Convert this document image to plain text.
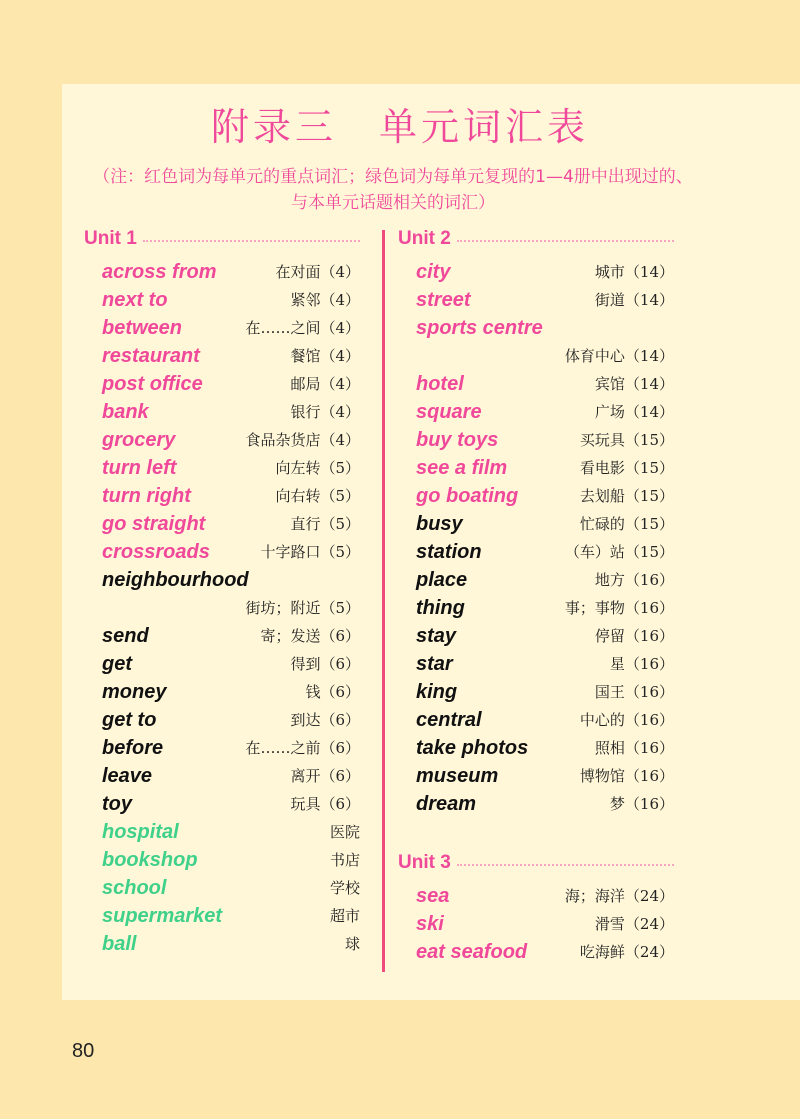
附录三　单元词汇表
（注：红色词为每单元的重点词汇；绿色词为每单元复现的1—4册中出现过的、与本单元话题相关的词汇）
Unit 1
across from	在对面（4）
next to	紧邻（4）
between	在……之间（4）
restaurant	餐馆（4）
post office	邮局（4）
bank	银行（4）
grocery	食品杂货店（4）
turn left	向左转（5）
turn right	向右转（5）
go straight	直行（5）
crossroads	十字路口（5）
neighbourhood
街坊；附近（5）
send	寄；发送（6）
get	得到（6）
money	钱（6）
get to	到达（6）
before	在……之前（6）
leave	离开（6）
toy	玩具（6）
hospital	医院
bookshop	书店
school	学校
supermarket	超市
ball	球
Unit 2
city	城市（14）
street	街道（14）
sports centre
体育中心（14）
hotel	宾馆（14）
square	广场（14）
buy toys	买玩具（15）
see a film	看电影（15）
go boating	去划船（15）
busy	忙碌的（15）
station	（车）站（15）
place	地方（16）
thing	事；事物（16）
stay	停留（16）
star	星（16）
king	国王（16）
central	中心的（16）
take photos	照相（16）
museum	博物馆（16）
dream	梦（16）
Unit 3
sea	海；海洋（24）
ski	滑雪（24）
eat seafood	吃海鲜（24）
80
